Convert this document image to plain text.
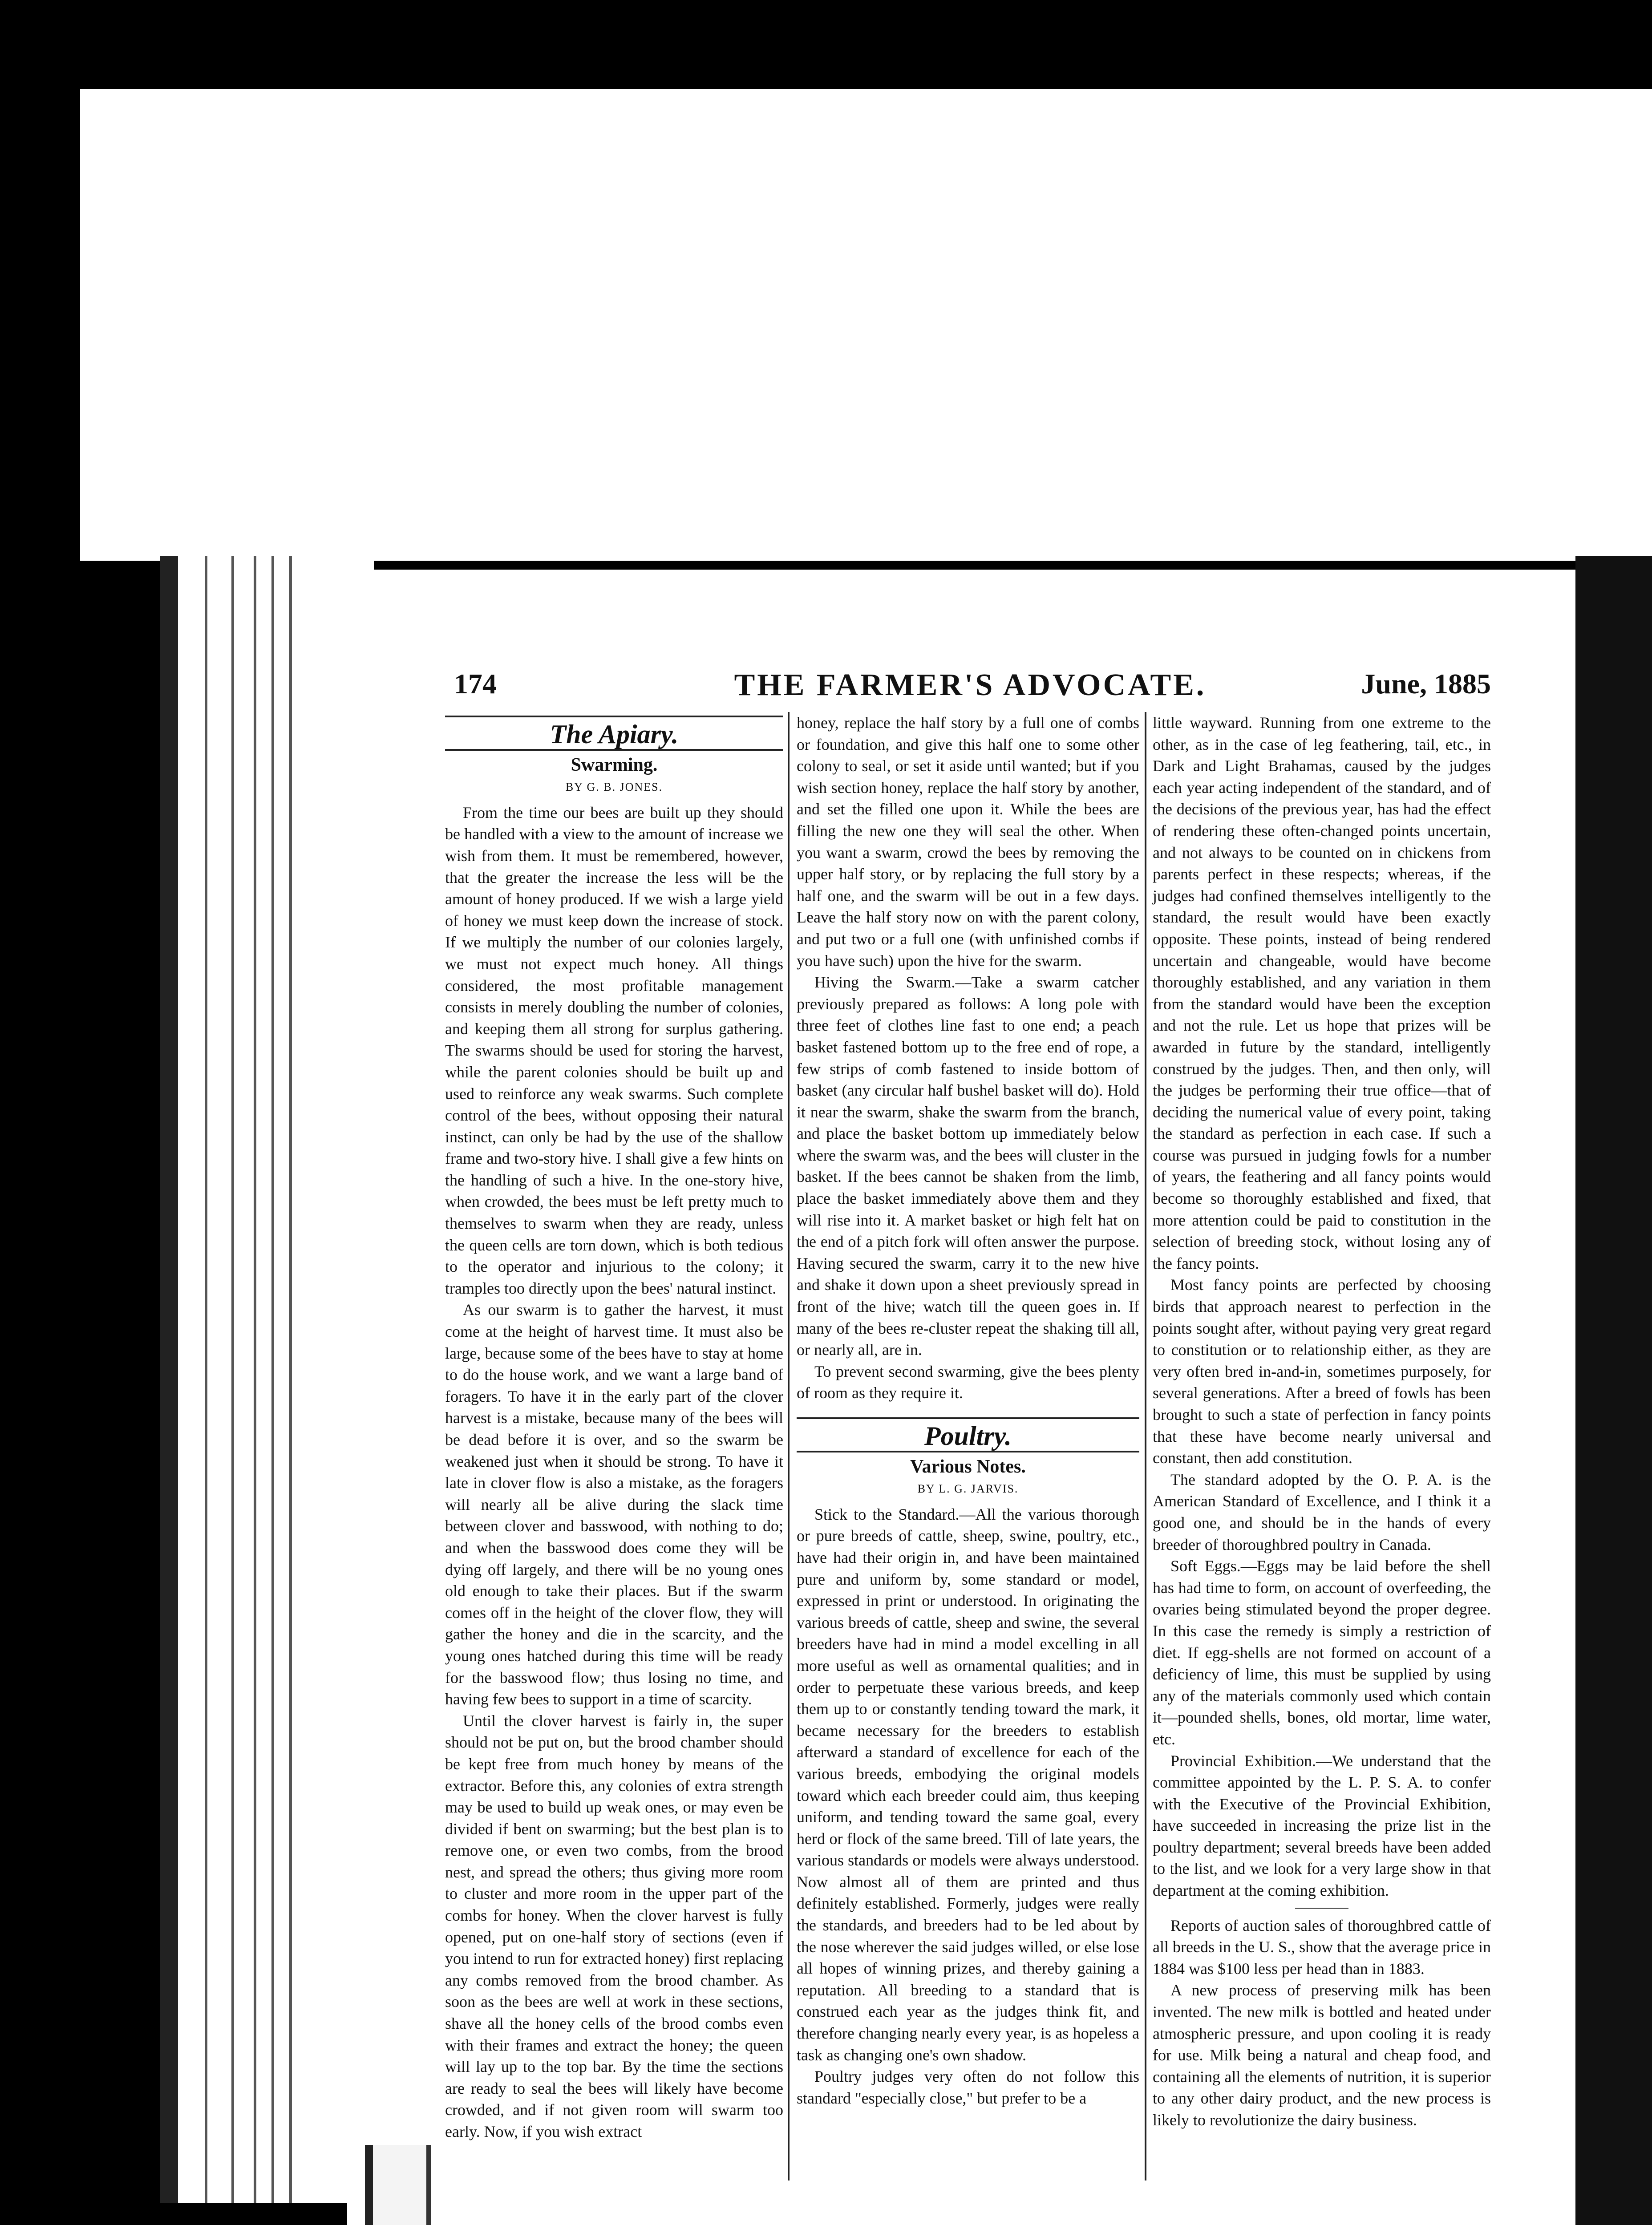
174	THE FARMER'S ADVOCATE.	June, 1885
The Apiary.
Swarming.
BY G. B. JONES.

From the time our bees are built up they should be handled with a view to the amount of increase we wish from them. It must be remembered, however, that the greater the increase the less will be the amount of honey produced. If we wish a large yield of honey we must keep down the increase of stock. If we multiply the number of our colonies largely, we must not expect much honey. All things considered, the most profitable management consists in merely doubling the number of colonies, and keeping them all strong for surplus gathering. The swarms should be used for storing the harvest, while the parent colonies should be built up and used to reinforce any weak swarms. Such complete control of the bees, without opposing their natural instinct, can only be had by the use of the shallow frame and two-story hive. I shall give a few hints on the handling of such a hive. In the one-story hive, when crowded, the bees must be left pretty much to themselves to swarm when they are ready, unless the queen cells are torn down, which is both tedious to the operator and injurious to the colony; it tramples too directly upon the bees' natural instinct.

As our swarm is to gather the harvest, it must come at the height of harvest time. It must also be large, because some of the bees have to stay at home to do the house work, and we want a large band of foragers. To have it in the early part of the clover harvest is a mistake, because many of the bees will be dead before it is over, and so the swarm be weakened just when it should be strong. To have it late in clover flow is also a mistake, as the foragers will nearly all be alive during the slack time between clover and basswood, with nothing to do; and when the basswood does come they will be dying off largely, and there will be no young ones old enough to take their places. But if the swarm comes off in the height of the clover flow, they will gather the honey and die in the scarcity, and the young ones hatched during this time will be ready for the basswood flow; thus losing no time, and having few bees to support in a time of scarcity.

Until the clover harvest is fairly in, the super should not be put on, but the brood chamber should be kept free from much honey by means of the extractor. Before this, any colonies of extra strength may be used to build up weak ones, or may even be divided if bent on swarming; but the best plan is to remove one, or even two combs, from the brood nest, and spread the others; thus giving more room to cluster and more room in the upper part of the combs for honey. When the clover harvest is fully opened, put on one-half story of sections (even if you intend to run for extracted honey) first replacing any combs removed from the brood chamber. As soon as the bees are well at work in these sections, shave all the honey cells of the brood combs even with their frames and extract the honey; the queen will lay up to the top bar. By the time the sections are ready to seal the bees will likely have become crowded, and if not given room will swarm too early. Now, if you wish extract

honey, replace the half story by a full one of combs or foundation, and give this half one to some other colony to seal, or set it aside until wanted; but if you wish section honey, replace the half story by another, and set the filled one upon it. While the bees are filling the new one they will seal the other. When you want a swarm, crowd the bees by removing the upper half story, or by replacing the full story by a half one, and the swarm will be out in a few days. Leave the half story now on with the parent colony, and put two or a full one (with unfinished combs if you have such) upon the hive for the swarm.

Hiving the Swarm.—Take a swarm catcher previously prepared as follows: A long pole with three feet of clothes line fast to one end; a peach basket fastened bottom up to the free end of rope, a few strips of comb fastened to inside bottom of basket (any circular half bushel basket will do). Hold it near the swarm, shake the swarm from the branch, and place the basket bottom up immediately below where the swarm was, and the bees will cluster in the basket. If the bees cannot be shaken from the limb, place the basket immediately above them and they will rise into it. A market basket or high felt hat on the end of a pitch fork will often answer the purpose. Having secured the swarm, carry it to the new hive and shake it down upon a sheet previously spread in front of the hive; watch till the queen goes in. If many of the bees re-cluster repeat the shaking till all, or nearly all, are in.

To prevent second swarming, give the bees plenty of room as they require it.

Poultry.
Various Notes.
BY L. G. JARVIS.

Stick to the Standard.—All the various thorough or pure breeds of cattle, sheep, swine, poultry, etc., have had their origin in, and have been maintained pure and uniform by, some standard or model, expressed in print or understood. In originating the various breeds of cattle, sheep and swine, the several breeders have had in mind a model excelling in all more useful as well as ornamental qualities; and in order to perpetuate these various breeds, and keep them up to or constantly tending toward the mark, it became necessary for the breeders to establish afterward a standard of excellence for each of the various breeds, embodying the original models toward which each breeder could aim, thus keeping uniform, and tending toward the same goal, every herd or flock of the same breed. Till of late years, the various standards or models were always understood. Now almost all of them are printed and thus definitely established. Formerly, judges were really the standards, and breeders had to be led about by the nose wherever the said judges willed, or else lose all hopes of winning prizes, and thereby gaining a reputation. All breeding to a standard that is construed each year as the judges think fit, and therefore changing nearly every year, is as hopeless a task as changing one's own shadow.

Poultry judges very often do not follow this standard "especially close," but prefer to be a

little wayward. Running from one extreme to the other, as in the case of leg feathering, tail, etc., in Dark and Light Brahamas, caused by the judges each year acting independent of the standard, and of the decisions of the previous year, has had the effect of rendering these often-changed points uncertain, and not always to be counted on in chickens from parents perfect in these respects; whereas, if the judges had confined themselves intelligently to the standard, the result would have been exactly opposite. These points, instead of being rendered uncertain and changeable, would have become thoroughly established, and any variation in them from the standard would have been the exception and not the rule. Let us hope that prizes will be awarded in future by the standard, intelligently construed by the judges. Then, and then only, will the judges be performing their true office—that of deciding the numerical value of every point, taking the standard as perfection in each case. If such a course was pursued in judging fowls for a number of years, the feathering and all fancy points would become so thoroughly established and fixed, that more attention could be paid to constitution in the selection of breeding stock, without losing any of the fancy points.

Most fancy points are perfected by choosing birds that approach nearest to perfection in the points sought after, without paying very great regard to constitution or to relationship either, as they are very often bred in-and-in, sometimes purposely, for several generations. After a breed of fowls has been brought to such a state of perfection in fancy points that these have become nearly universal and constant, then add constitution.

The standard adopted by the O. P. A. is the American Standard of Excellence, and I think it a good one, and should be in the hands of every breeder of thoroughbred poultry in Canada.

Soft Eggs.—Eggs may be laid before the shell has had time to form, on account of overfeeding, the ovaries being stimulated beyond the proper degree. In this case the remedy is simply a restriction of diet. If egg-shells are not formed on account of a deficiency of lime, this must be supplied by using any of the materials commonly used which contain it—pounded shells, bones, old mortar, lime water, etc.

Provincial Exhibition.—We understand that the committee appointed by the L. P. S. A. to confer with the Executive of the Provincial Exhibition, have succeeded in increasing the prize list in the poultry department; several breeds have been added to the list, and we look for a very large show in that department at the coming exhibition.

Reports of auction sales of thoroughbred cattle of all breeds in the U. S., show that the average price in 1884 was $100 less per head than in 1883.

A new process of preserving milk has been invented. The new milk is bottled and heated under atmospheric pressure, and upon cooling it is ready for use. Milk being a natural and cheap food, and containing all the elements of nutrition, it is superior to any other dairy product, and the new process is likely to revolutionize the dairy business.
